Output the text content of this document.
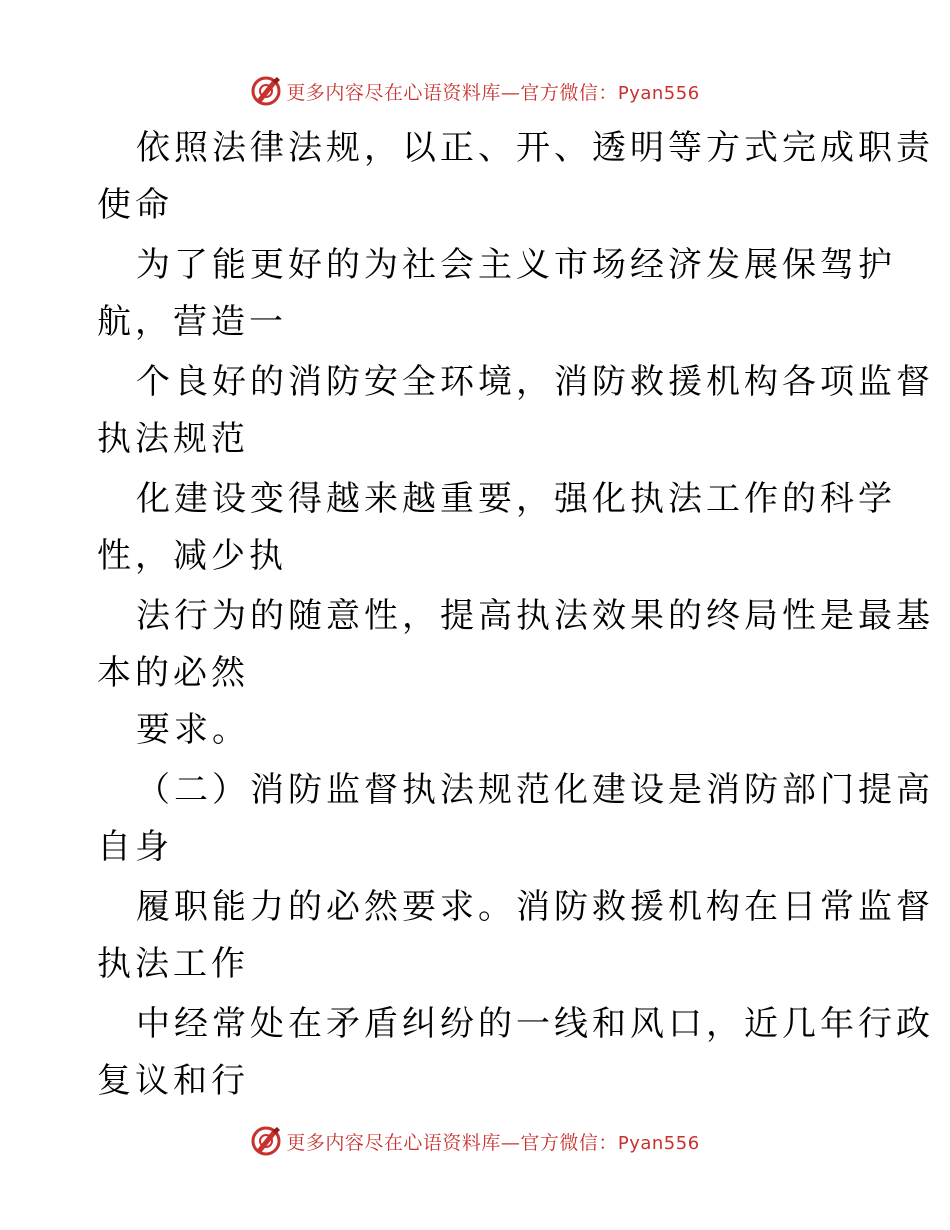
更多内容尽在心语资料库—官方微信：Pyan556
依照法律法规，以正、开、透明等方式完成职责
使命
为了能更好的为社会主义市场经济发展保驾护
航，营造一
个良好的消防安全环境，消防救援机构各项监督
执法规范
化建设变得越来越重要，强化执法工作的科学
性，减少执
法行为的随意性，提高执法效果的终局性是最基
本的必然
要求。
（二）消防监督执法规范化建设是消防部门提高
自身
履职能力的必然要求。消防救援机构在日常监督
执法工作
中经常处在矛盾纠纷的一线和风口，近几年行政
复议和行
更多内容尽在心语资料库—官方微信：Pyan556
